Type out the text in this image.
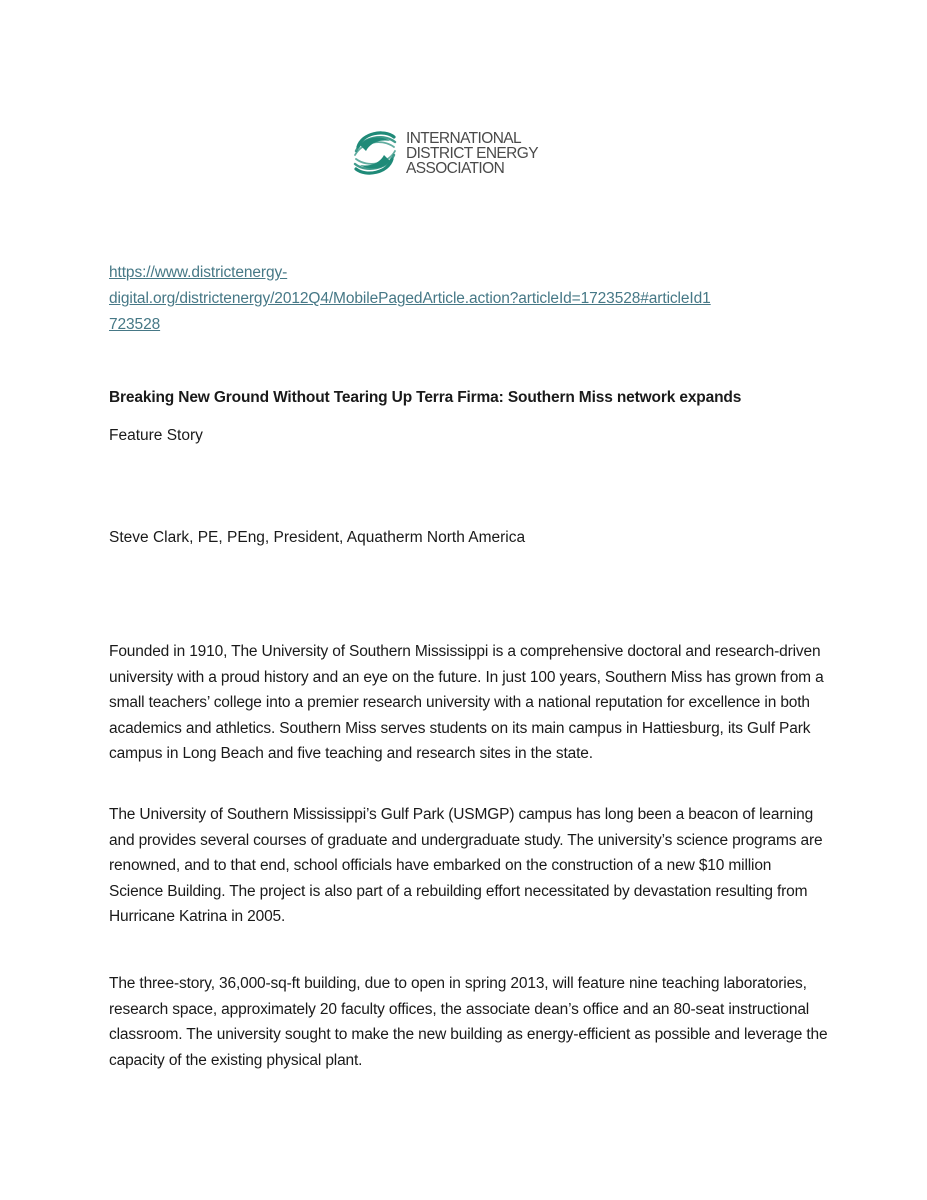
INTERNATIONAL
DISTRICT ENERGY
ASSOCIATION
https://www.districtenergy-
digital.org/districtenergy/2012Q4/MobilePagedArticle.action?articleId=1723528#articleId1
723528
Breaking New Ground Without Tearing Up Terra Firma: Southern Miss network expands
Feature Story
Steve Clark, PE, PEng, President, Aquatherm North America

Founded in 1910, The University of Southern Mississippi is a comprehensive doctoral and research-driven university with a proud history and an eye on the future. In just 100 years, Southern Miss has grown from a small teachers’ college into a premier research university with a national reputation for excellence in both academics and athletics. Southern Miss serves students on its main campus in Hattiesburg, its Gulf Park campus in Long Beach and five teaching and research sites in the state.

The University of Southern Mississippi’s Gulf Park (USMGP) campus has long been a beacon of learning and provides several courses of graduate and undergraduate study. The university’s science programs are renowned, and to that end, school officials have embarked on the construction of a new $10 million Science Building. The project is also part of a rebuilding effort necessitated by devastation resulting from Hurricane Katrina in 2005.

The three-story, 36,000-sq-ft building, due to open in spring 2013, will feature nine teaching laboratories, research space, approximately 20 faculty offices, the associate dean’s office and an 80-seat instructional classroom. The university sought to make the new building as energy-efficient as possible and leverage the capacity of the existing physical plant.
